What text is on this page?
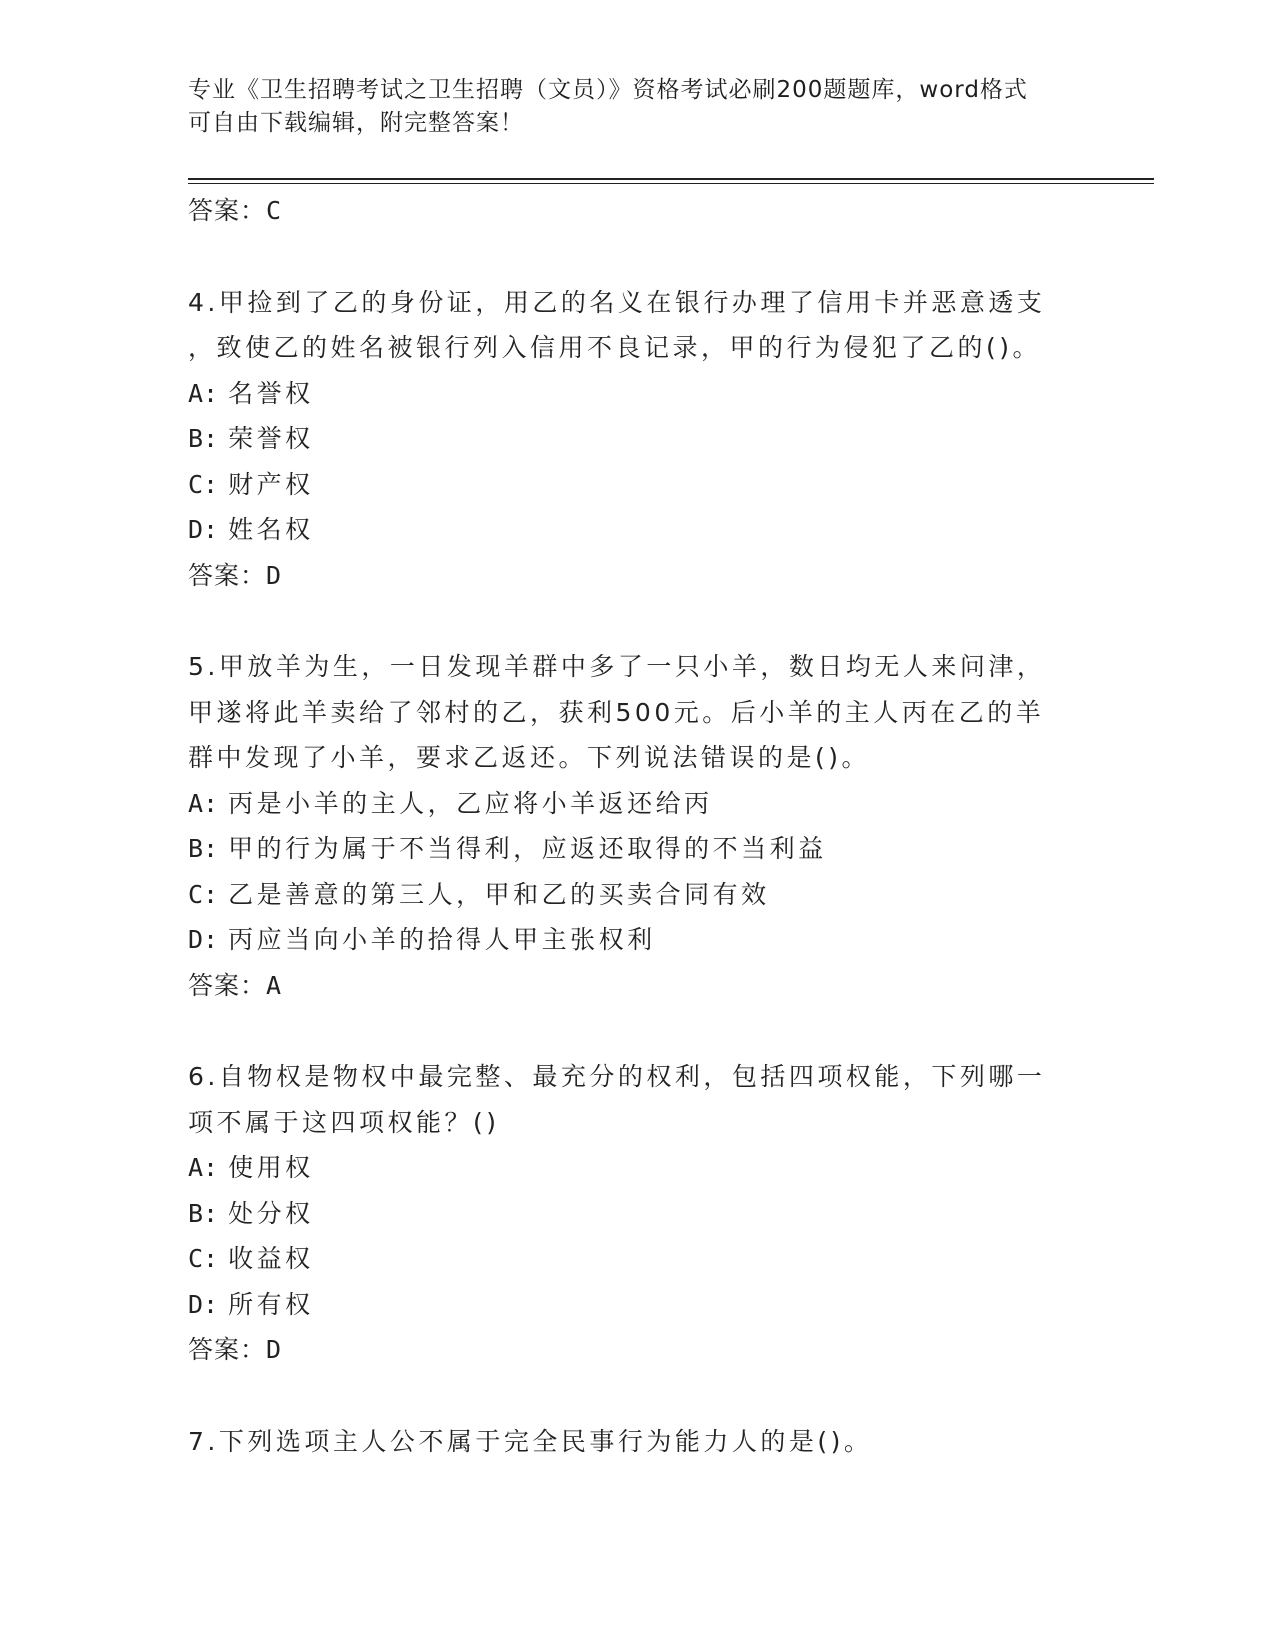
专业《卫生招聘考试之卫生招聘（文员）》资格考试必刷200题题库，word格式
可自由下载编辑，附完整答案！
答案：C
4.甲捡到了乙的身份证，用乙的名义在银行办理了信用卡并恶意透支
，致使乙的姓名被银行列入信用不良记录，甲的行为侵犯了乙的()。
A: 名誉权
B: 荣誉权
C: 财产权
D: 姓名权
答案：D
5.甲放羊为生，一日发现羊群中多了一只小羊，数日均无人来问津，
甲遂将此羊卖给了邻村的乙，获利500元。后小羊的主人丙在乙的羊
群中发现了小羊，要求乙返还。下列说法错误的是()。
A: 丙是小羊的主人，乙应将小羊返还给丙
B: 甲的行为属于不当得利，应返还取得的不当利益
C: 乙是善意的第三人，甲和乙的买卖合同有效
D: 丙应当向小羊的拾得人甲主张权利
答案：A
6.自物权是物权中最完整、最充分的权利，包括四项权能，下列哪一
项不属于这四项权能？()
A: 使用权
B: 处分权
C: 收益权
D: 所有权
答案：D
7.下列选项主人公不属于完全民事行为能力人的是()。
